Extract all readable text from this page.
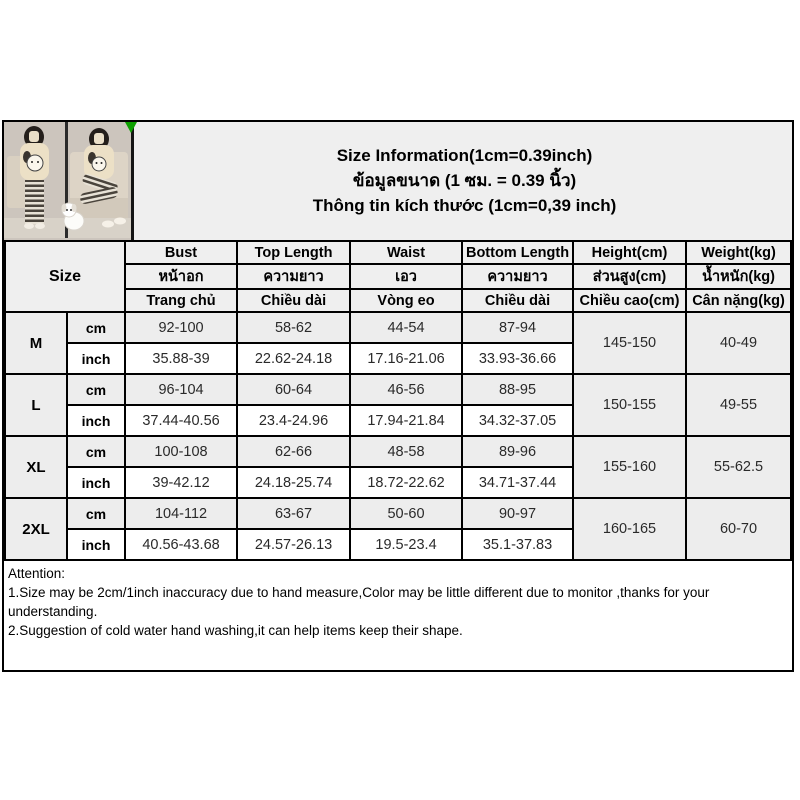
Size Information(1cm=0.39inch)
ข้อมูลขนาด (1 ซม. = 0.39 นิ้ว)
Thông tin kích thước (1cm=0,39 inch)
Size		Bust	Top Length	Waist	Bottom Length	Height(cm)	Weight(kg)
		หน้าอก	ความยาว	เอว	ความยาว	ส่วนสูง(cm)	น้ำหนัก(kg)
		Trang chủ	Chiều dài	Vòng eo	Chiều dài	Chiều cao(cm)	Cân nặng(kg)
M	cm	92-100	58-62	44-54	87-94	145-150	40-49
	inch	35.88-39	22.62-24.18	17.16-21.06	33.93-36.66		
L	cm	96-104	60-64	46-56	88-95	150-155	49-55
	inch	37.44-40.56	23.4-24.96	17.94-21.84	34.32-37.05		
XL	cm	100-108	62-66	48-58	89-96	155-160	55-62.5
	inch	39-42.12	24.18-25.74	18.72-22.62	34.71-37.44		
2XL	cm	104-112	63-67	50-60	90-97	160-165	60-70
	inch	40.56-43.68	24.57-26.13	19.5-23.4	35.1-37.83		

Attention:

1.Size may be 2cm/1inch inaccuracy due to hand measure,Color may be little different due to monitor ,thanks for your understanding.

2.Suggestion of cold water hand washing,it can help items keep their shape.
